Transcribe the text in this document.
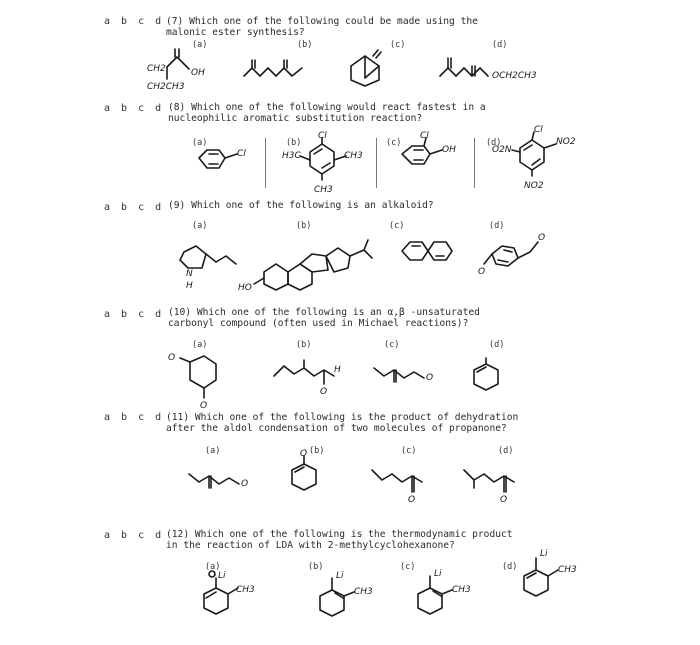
a b c d (7) Which one of the following could be made using the
malonic ester synthesis?
(a)	(b)	(c)	(d)
CH2	OH
CH2CH3
OCH2CH3
a b c d (8) Which one of the following would react fastest in a
nucleophilic aromatic substitution reaction?
(a)	(b)	(c)	(d)
Cl
Cl
H3C	CH3
CH3
Cl
OH
Cl
O2N
NO2
NO2
a b c d (9) Which one of the following is an alkaloid?
(a)	(b)	(c)	(d)
N
H	HO
O
O
a b c d (10) Which one of the following is an α,β -unsaturated
carbonyl compound (often used in Michael reactions)?
(a)	(b)	(c)	(d)
O
O
H
O
O
a b c d (11) Which one of the following is the product of dehydration
after the aldol condensation of two molecules of propanone?
(a)	(b)	(c)	(d)
O
O
O	O
a b c d (12) Which one of the following is the thermodynamic product
in the reaction of LDA with 2-methylcyclohexanone?
(a)	(b)	(c)	(d)
Li
CH3
Li
CH3
Li
CH3
Li
CH3
